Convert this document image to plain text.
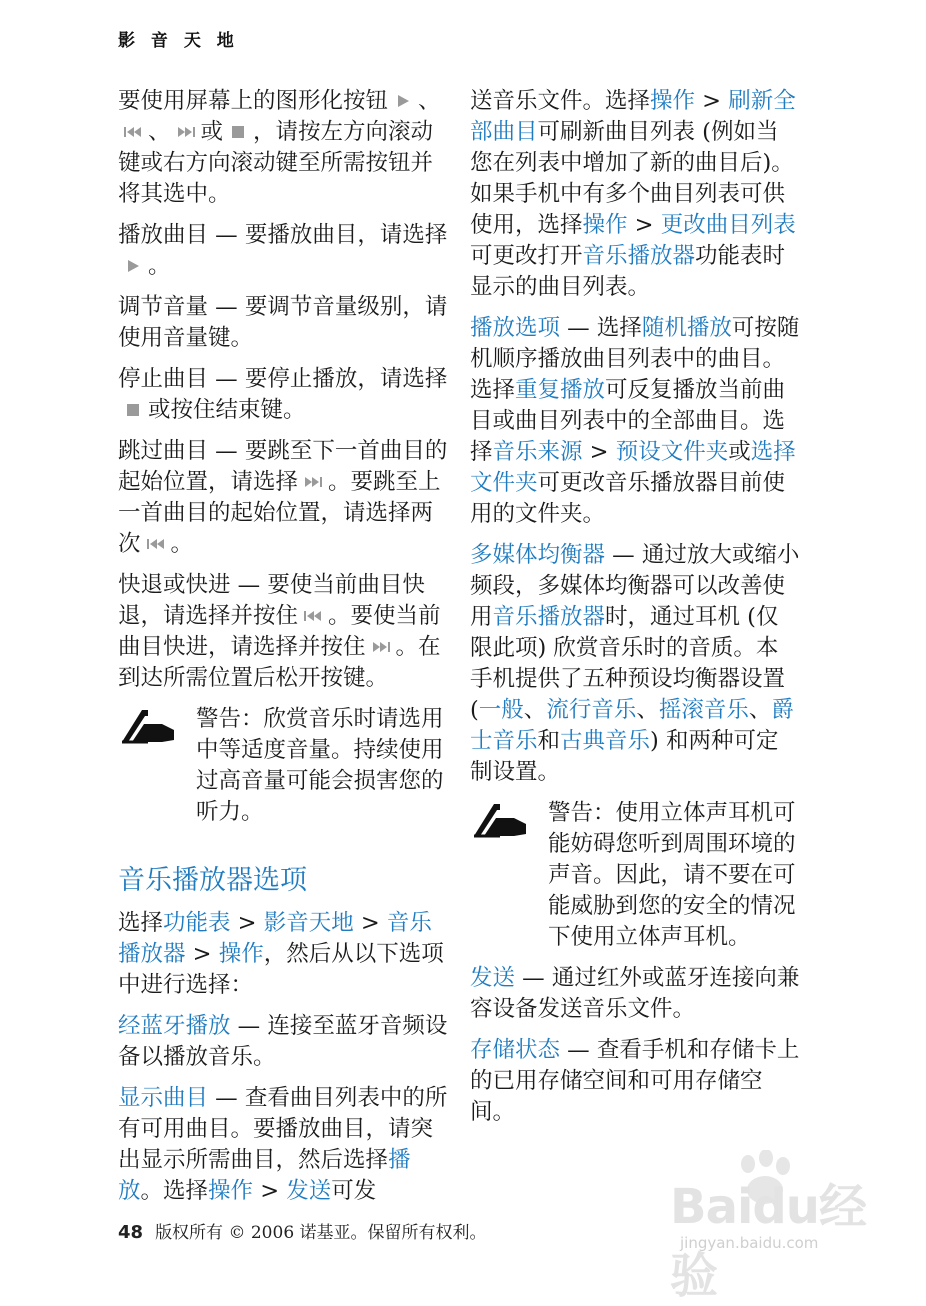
影 音 天 地

要使用屏幕上的图形化按钮 、
、 或 ，请按左方向滚动键或右方向滚动键至所需按钮并将其选中。

播放曲目 — 要播放曲目，请选择
。

调节音量 — 要调节音量级别，请使用音量键。

停止曲目 — 要停止播放，请选择
或按住结束键。

跳过曲目 — 要跳至下一首曲目的起始位置，请选择 。要跳至上一首曲目的起始位置，请选择两次 。

快退或快进 — 要使当前曲目快退，请选择并按住 。要使当前曲目快进，请选择并按住 。在到达所需位置后松开按键。

警告：欣赏音乐时请选用中等适度音量。持续使用过高音量可能会损害您的听力。
音乐播放器选项

选择功能表 > 影音天地 > 音乐播放器 > 操作，然后从以下选项中进行选择：

经蓝牙播放 — 连接至蓝牙音频设备以播放音乐。

显示曲目 — 查看曲目列表中的所有可用曲目。要播放曲目，请突出显示所需曲目，然后选择播放。选择操作 > 发送可发

送音乐文件。选择操作 > 刷新全部曲目可刷新曲目列表 (例如当您在列表中增加了新的曲目后)。如果手机中有多个曲目列表可供使用，选择操作 > 更改曲目列表可更改打开音乐播放器功能表时显示的曲目列表。

播放选项 — 选择随机播放可按随机顺序播放曲目列表中的曲目。选择重复播放可反复播放当前曲目或曲目列表中的全部曲目。选择音乐来源 > 预设文件夹或选择文件夹可更改音乐播放器目前使用的文件夹。

多媒体均衡器 — 通过放大或缩小频段，多媒体均衡器可以改善使用音乐播放器时，通过耳机 (仅限此项) 欣赏音乐时的音质。本手机提供了五种预设均衡器设置 (一般、流行音乐、摇滚音乐、爵士音乐和古典音乐) 和两种可定制设置。

警告：使用立体声耳机可能妨碍您听到周围环境的声音。因此，请不要在可能威胁到您的安全的情况下使用立体声耳机。

发送 — 通过红外或蓝牙连接向兼容设备发送音乐文件。

存储状态 — 查看手机和存储卡上的已用存储空间和可用存储空间。

Baidu经验
jingyan.baidu.com
48 版权所有 © 2006 诺基亚。保留所有权利。
